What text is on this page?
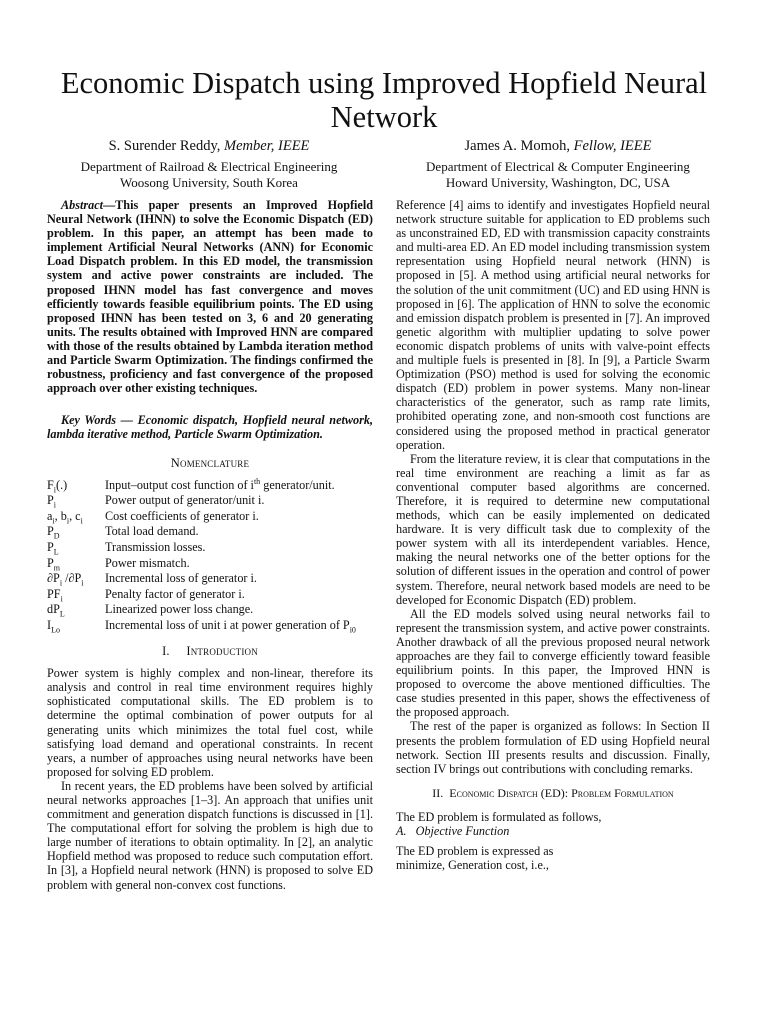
Economic Dispatch using Improved Hopfield Neural Network
S. Surender Reddy, Member, IEEE
Department of Railroad & Electrical Engineering
Woosong University, South Korea
James A. Momoh, Fellow, IEEE
Department of Electrical & Computer Engineering
Howard University, Washington, DC, USA

Abstract—This paper presents an Improved Hopfield Neural Network (IHNN) to solve the Economic Dispatch (ED) problem. In this paper, an attempt has been made to implement Artificial Neural Networks (ANN) for Economic Load Dispatch problem. In this ED model, the transmission system and active power constraints are included. The proposed IHNN model has fast convergence and moves efficiently towards feasible equilibrium points. The ED using proposed IHNN has been tested on 3, 6 and 20 generating units. The results obtained with Improved HNN are compared with those of the results obtained by Lambda iteration method and Particle Swarm Optimization. The findings confirmed the robustness, proficiency and fast convergence of the proposed approach over other existing techniques.

Key Words — Economic dispatch, Hopfield neural network, lambda iterative method, Particle Swarm Optimization.

Nomenclature

$F_i(.)$	Input–output cost function of $i^{th}$ generator/unit.
$P_i$	Power output of generator/unit i.
$a_i$, $b_i$, $c_i$	Cost coefficients of generator i.
$P_D$	Total load demand.
$P_L$	Transmission losses.
$P_m$	Power mismatch.
$\partial P_i$ $/\partial P_i$	Incremental loss of generator i.
$PF_i$	Penalty factor of generator i.
$dP_L$	Linearized power loss change.
$I_{Lo}$	Incremental loss of unit i at power generation of $P_{i0}$

I.     Introduction

Power system is highly complex and non-linear, therefore its analysis and control in real time environment requires highly sophisticated computational skills. The ED problem is to determine the optimal combination of power outputs for al generating units which minimizes the total fuel cost, while satisfying load demand and operational constraints. In recent years, a number of approaches using neural networks have been proposed for solving ED problem.

In recent years, the ED problems have been solved by artificial neural networks approaches [1–3]. An approach that unifies unit commitment and generation dispatch functions is discussed in [1]. The computational effort for solving the problem is high due to large number of iterations to obtain optimality. In [2], an analytic Hopfield method was proposed to reduce such computation effort. In [3], a Hopfield neural network (HNN) is proposed to solve ED problem with general non-convex cost functions.

Reference [4] aims to identify and investigates Hopfield neural network structure suitable for application to ED problems such as unconstrained ED, ED with transmission capacity constraints and multi-area ED. An ED model including transmission system representation using Hopfield neural network (HNN) is proposed in [5]. A method using artificial neural networks for the solution of the unit commitment (UC) and ED using HNN is proposed in [6]. The application of HNN to solve the economic and emission dispatch problem is presented in [7]. An improved genetic algorithm with multiplier updating to solve power economic dispatch problems of units with valve-point effects and multiple fuels is presented in [8]. In [9], a Particle Swarm Optimization (PSO) method is used for solving the economic dispatch (ED) problem in power systems. Many non-linear characteristics of the generator, such as ramp rate limits, prohibited operating zone, and non-smooth cost functions are considered using the proposed method in practical generator operation.

From the literature review, it is clear that computations in the real time environment are reaching a limit as far as conventional computer based algorithms are concerned. Therefore, it is required to determine new computational methods, which can be easily implemented on dedicated hardware. It is very difficult task due to complexity of the power system with all its interdependent variables. Hence, making the neural networks one of the better options for the solution of different issues in the operation and control of power system. Therefore, neural network based models are need to be developed for Economic Dispatch (ED) problem.

All the ED models solved using neural networks fail to represent the transmission system, and active power constraints. Another drawback of all the previous proposed neural network approaches are they fail to converge efficiently toward feasible equilibrium points. In this paper, the Improved HNN is proposed to overcome the above mentioned difficulties. The case studies presented in this paper, shows the effectiveness of the proposed approach.

The rest of the paper is organized as follows: In Section II presents the problem formulation of ED using Hopfield neural network. Section III presents results and discussion. Finally, section IV brings out contributions with concluding remarks.

II.  Economic Dispatch (ED): Problem Formulation

The ED problem is formulated as follows,

A.   Objective Function

The ED problem is expressed as

minimize, Generation cost, i.e.,
